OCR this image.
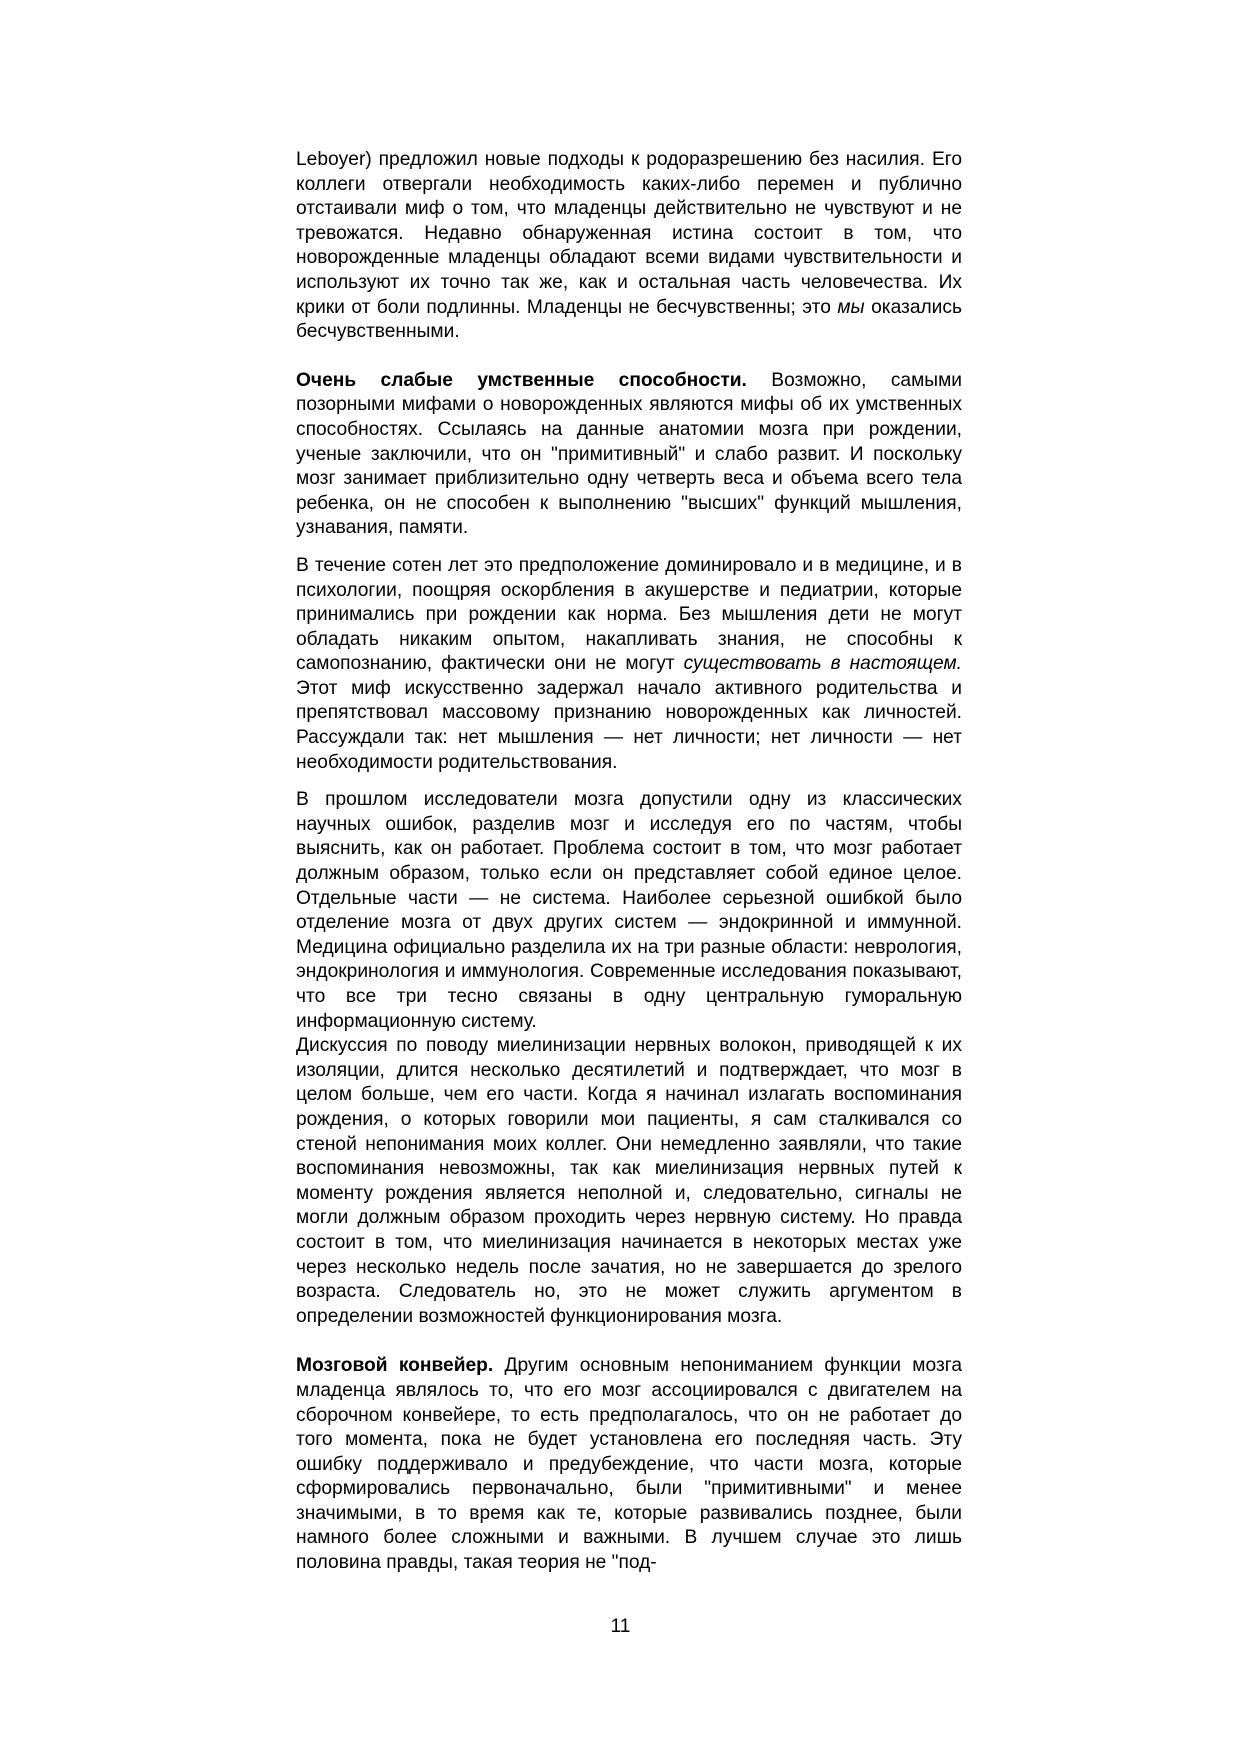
Leboyer) предложил новые подходы к родоразрешению без насилия. Его коллеги отвергали необходимость каких-либо перемен и публично отстаивали миф о том, что младенцы действительно не чувствуют и не тревожатся. Недавно обнаруженная истина состоит в том, что новорожденные младенцы обладают всеми видами чувствительности и используют их точно так же, как и остальная часть человечества. Их крики от боли подлинны. Младенцы не бесчувственны; это мы оказались бесчувственными.

Очень слабые умственные способности. Возможно, самыми позорными мифами о новорожденных являются мифы об их умственных способностях. Ссылаясь на данные анатомии мозга при рождении, ученые заключили, что он "примитивный" и слабо развит. И поскольку мозг занимает приблизительно одну четверть веса и объема всего тела ребенка, он не способен к выполнению "высших" функций мышления, узнавания, памяти.

В течение сотен лет это предположение доминировало и в медицине, и в психологии, поощряя оскорбления в акушерстве и педиатрии, которые принимались при рождении как норма. Без мышления дети не могут обладать никаким опытом, накапливать знания, не способны к самопознанию, фактически они не могут существовать в настоящем. Этот миф искусственно задержал начало активного родительства и препятствовал массовому признанию новорожденных как личностей. Рассуждали так: нет мышления — нет личности; нет личности — нет необходимости родительствования.

В прошлом исследователи мозга допустили одну из классических научных ошибок, разделив мозг и исследуя его по частям, чтобы выяснить, как он работает. Проблема состоит в том, что мозг работает должным образом, только если он представляет собой единое целое. Отдельные части — не система. Наиболее серьезной ошибкой было отделение мозга от двух других систем — эндокринной и иммунной. Медицина официально разделила их на три разные области: неврология, эндокринология и иммунология. Современные исследования показывают, что все три тесно связаны в одну центральную гуморальную информационную систему.

Дискуссия по поводу миелинизации нервных волокон, приводящей к их изоляции, длится несколько десятилетий и подтверждает, что мозг в целом больше, чем его части. Когда я начинал излагать воспоминания рождения, о которых говорили мои пациенты, я сам сталкивался со стеной непонимания моих коллег. Они немедленно заявляли, что такие воспоминания невозможны, так как миелинизация нервных путей к моменту рождения является неполной и, следовательно, сигналы не могли должным образом проходить через нервную систему. Но правда состоит в том, что миелинизация начинается в некоторых местах уже через несколько недель после зачатия, но не завершается до зрелого возраста. Следователь но, это не может служить аргументом в определении возможностей функционирования мозга.

Мозговой конвейер. Другим основным непониманием функции мозга младенца являлось то, что его мозг ассоциировался с двигателем на сборочном конвейере, то есть предполагалось, что он не работает до того момента, пока не будет установлена его последняя часть. Эту ошибку поддерживало и предубеждение, что части мозга, которые сформировались первоначально, были "примитивными" и менее значимыми, в то время как те, которые развивались позднее, были намного более сложными и важными. В лучшем случае это лишь половина правды, такая теория не "под-

11
